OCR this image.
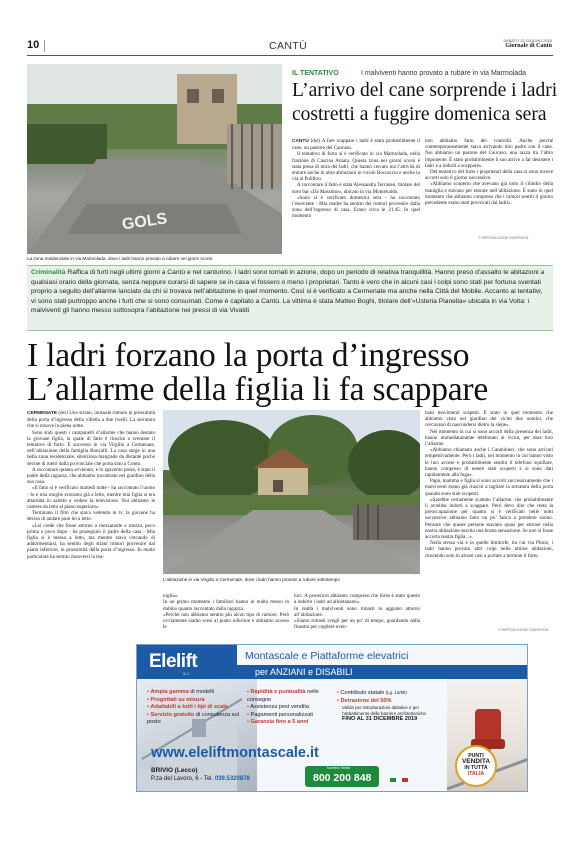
10	CANTÙ	SABATO 22 GIUGNO 2019
Giornale di Cantù
GOLS
La zona residenziale in via Marmolada, dove i ladri hanno provato a rubare nei giorni scorsi
IL TENTATIVO	I malviventi hanno provato a rubare in via Marmolada
L’arrivo del cane sorprende i ladri
costretti a fuggire domenica sera

CANTÙ (dsr) A fare scappare i ladri è stato probabilmente il cane, un pastore del Caucaso.

Il tentativo di furto si è verificato in via Marmolada, nella frazione di Cascina Amata. Questa zona nei giorni scorsi è stata presa di mira dei ladri, che hanno cercato ma l’attività di entrare anche in altre abitazioni in vicolo Boccaccio e anche in via al Pollikro.

A raccontare il fatto è stata Alessandra Terraneo, titolare del noto bar «Da Massimo», ubicato in via Montebaldo.

«Sono sì è verificato domenica sera - ha raccontato l’esercente - Mia madre ha sentito dei rumori provenire dalla zona dell’ingresso di casa. Erano circa le 21.45. In quel momento

non abbiamo fatto dei controlli. Anche perché contemporaneamente stava arrivando mio padre con il cane. Noi abbiamo un pastore del Caucaso, una razza tra l’altro imponente. È stato probabilmente il suo arrivo a far desistere i ladri e a indurli a scappare».

Del tentativo del furto i proprietari della casa si sono invece accorti solo il giorno successivo.

«Abbiamo scoperto che avevano già tolto il cilindro della maniglia e stavano per entrare nell’abitazione. È stato in quel momento che abbiamo compreso che i rumori sentiti il giorno precedente erano stati provocati dai ladri».

© RIPRODUZIONE RISERVATA
Criminalità Raffica di furti negli ultimi giorni a Cantù e nel canturino. I ladri sono tornati in azione, dopo un periodo di relativa tranquillità. Hanno preso d’assalto le abitazioni a qualsiasi orario della giornata, senza neppure curarsi di sapere se in casa vi fossero o meno i proprietari. Tanto è vero che in alcuni casi i colpi sono stati per fortuna sventati proprio a seguito dell’allarme lanciato da chi si trovava nell’abitazione in quel momento. Così si è verificato a Cermenate ma anche nella Città del Mobile. Accanto ai tentativi, vi sono stati purtroppo anche i furti che si sono consumati. Come è capitato a Cantù. La vittima è stata Matteo Boghi, titolare dell’«Usteria Pianella» ubicata in via Volta: i malviventi gli hanno messo sottosopra l’abitazione nei pressi di via Vivaldi
I ladri forzano la porta d’ingresso
L’allarme della figlia li fa scappare

CERMENATE (dsr) Uno strano, inusuale rumore in prossimità della porta d’ingresso della villetta a due livelli. La serratura che si muove in piena notte.

Sono stati questi i campanelli d’allarme che hanno destato la giovane figlia, la quale di fatto è riuscita a sventare il tentativo di furto. È successo in via Virgilio a Cermenate, nell’abitazione della famiglia Roncalli. La casa sorge in una bella zona residenziale, silenziosa malgrado da distante poche decine di metri dalla provinciale che porta sino a Como.

A raccontare quanto avvenuto, e lo spavento preso, è stato il padre della ragazza, che abbiamo incontrato nel giardino della sua casa.

«Il fatto si è verificato martedì notte - ha raccontato l’uomo - Io e mia moglie eravamo già a letto, mentre mia figlia si era attardata in salotto a vedere la televisione. Noi abbiamo le camere da letto al piano superiore».

Terminato il film che stava vedendo in tv, la giovane ha deciso di andare pure lei a letto.

«Lei crede che fosse attorno a mezzanotte e mezza, poco prima o poco dopo - ha proseguito il padre della casa - Mia figlia si è messa a letto, ma mentre stava cercando di addormentarsi, ha sentito degli strani rumori provenire dal piano inferiore, in prossimità della porta d’ingresso. In modo particolare ha sentito muoversi la ma-

L’abitazione in via Virgilio a Cermenate, dove i ladri hanno provato a rubare sottotempo

niglia».
In un primo momento i familiari hanno in realtà messo in dubbio quanto raccontato dalla ragazza.
«Perché non abbiamo sentito più alcun tipo di rumore. Però ovviamente siamo scesi al piano inferiore e abbiamo acceso le

luci. A posteriori abbiamo compreso che forse è stato questo a indurre i ladri ad allontanarsi».
In realtà i malviventi sono rimasti in agguato attorno all’abitazione.
«Siamo rimasti svegli per un po’ di tempo, guardando dalla finestra per cogliere even-

tuali movimenti sospetti. È stato in quel momento che abbiamo visto nel giardino dei vicini due uomini, che cercavano di nascondersi dietro la siepe».

Nel momento in cui si sono accorti della presenza dei ladri, hanno immediatamente telefonato ai vicini, per dare loro l’allarme.

«Abbiamo chiamato anche i Carabinieri, che sono arrivati tempestivamente. Però i ladri, nel momento in cui hanno visto le luci accese e probabilmente sentito il telefono squillare, hanno compreso di essere stati scoperti e si sono dati rapidamente alla fuga».

Papà, mamma e figlia si sono accorti successivamente che i malviventi erano già riusciti a tagliare la serratura della porta quando sono stati scoperti.

«Sarebbe certamente scattato l’allarme, che probabilmente li avrebbe indotti a scappare. Però devo dire che resta la preoccupazione per quanto si è verificato nelle notti successive abbiamo fatto un po’ fatica a prendere sonno. Pensare che queste persone stavano quasi per entrare nella nostra abitazione suscita una brutta sensazione. Se non si fosse accorta nostra figlia...».

Nella stessa via e in quelle limitrofe, tra cui via Plinio, i ladri hanno provato altri colpi nelle ultime abitazioni, riuscendo solo in alcuni casi a portare a termine il furto.

© RIPRODUZIONE RISERVATA
Elelift
S.r.l.
Montascale e Piattaforme elevatrici
per ANZIANI e DISABILI
• Ampia gamma di modelli
• Progettati su misura
• Adattabili a tutti i tipi di scale
• Servizio gratuito di consulenza sul posto
• Rapidità e puntualità nelle consegne
• Assistenza post vendita
• Pagamenti personalizzati
• Garanzia fino a 5 anni
• Contributo statale (Lg. 13/89)
• Detrazione del 50%
Valida per ristrutturazioni abitative e per l’abbattimento delle barriere architettoniche.
FINO AL 31 DICEMBRE 2019
www.eleliftmontascale.it
BRIVIO (Lecco)
P.za del Lavoro, 6 - Tel. 039.5320876
Numero Verde
800 200 848
PUNTI
VENDITA
IN TUTTA
ITALIA
